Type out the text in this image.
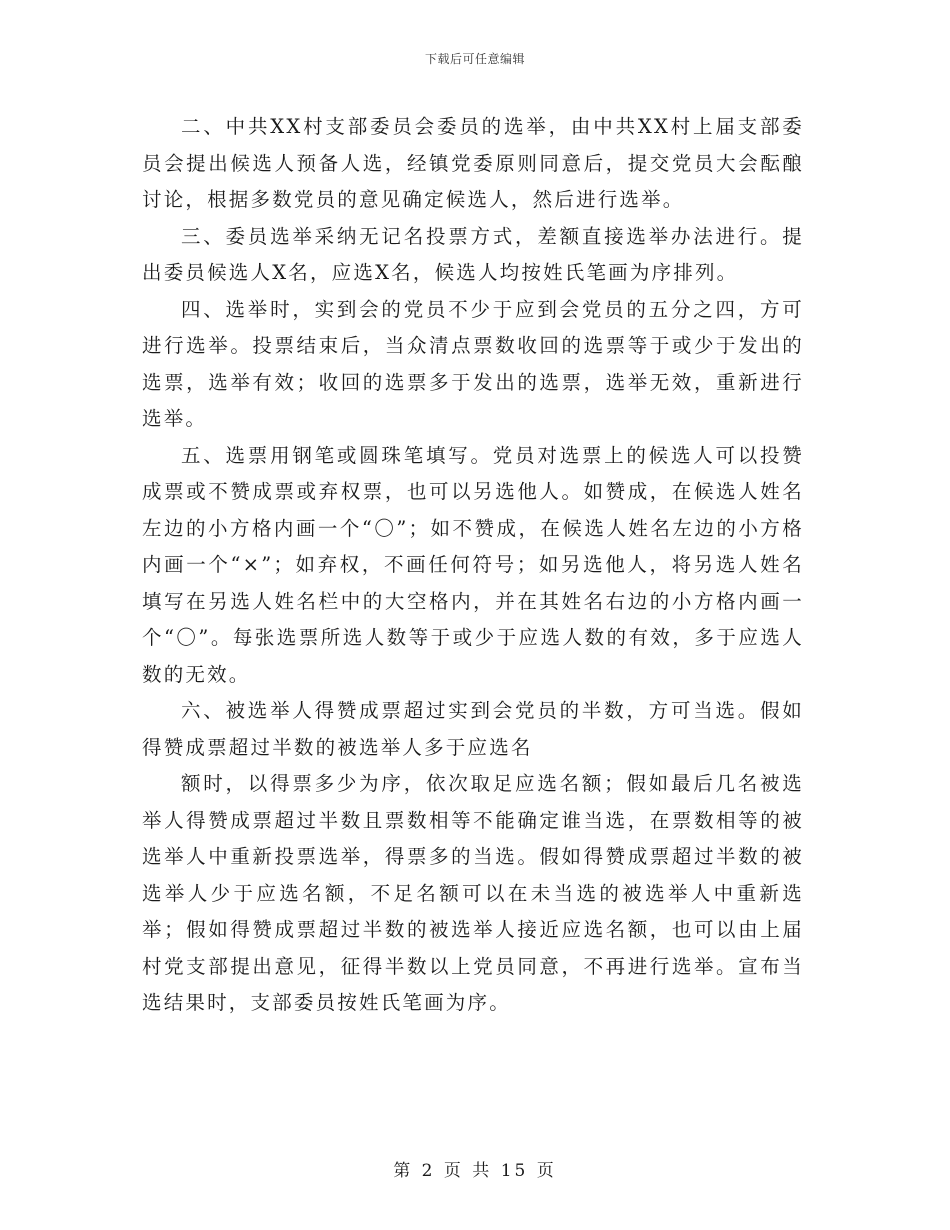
下载后可任意编辑

二、中共XX村支部委员会委员的选举，由中共XX村上届支部委员会提出候选人预备人选，经镇党委原则同意后，提交党员大会酝酿讨论，根据多数党员的意见确定候选人，然后进行选举。

三、委员选举采纳无记名投票方式，差额直接选举办法进行。提出委员候选人X名，应选X名，候选人均按姓氏笔画为序排列。

四、选举时，实到会的党员不少于应到会党员的五分之四，方可进行选举。投票结束后，当众清点票数收回的选票等于或少于发出的选票，选举有效；收回的选票多于发出的选票，选举无效，重新进行选举。

五、选票用钢笔或圆珠笔填写。党员对选票上的候选人可以投赞成票或不赞成票或弃权票，也可以另选他人。如赞成，在候选人姓名左边的小方格内画一个“〇”；如不赞成，在候选人姓名左边的小方格内画一个“×”；如弃权，不画任何符号；如另选他人，将另选人姓名填写在另选人姓名栏中的大空格内，并在其姓名右边的小方格内画一个“〇”。每张选票所选人数等于或少于应选人数的有效，多于应选人数的无效。

六、被选举人得赞成票超过实到会党员的半数，方可当选。假如得赞成票超过半数的被选举人多于应选名

额时，以得票多少为序，依次取足应选名额；假如最后几名被选举人得赞成票超过半数且票数相等不能确定谁当选，在票数相等的被选举人中重新投票选举，得票多的当选。假如得赞成票超过半数的被选举人少于应选名额，不足名额可以在未当选的被选举人中重新选举；假如得赞成票超过半数的被选举人接近应选名额，也可以由上届村党支部提出意见，征得半数以上党员同意，不再进行选举。宣布当选结果时，支部委员按姓氏笔画为序。

第 2 页 共 15 页
